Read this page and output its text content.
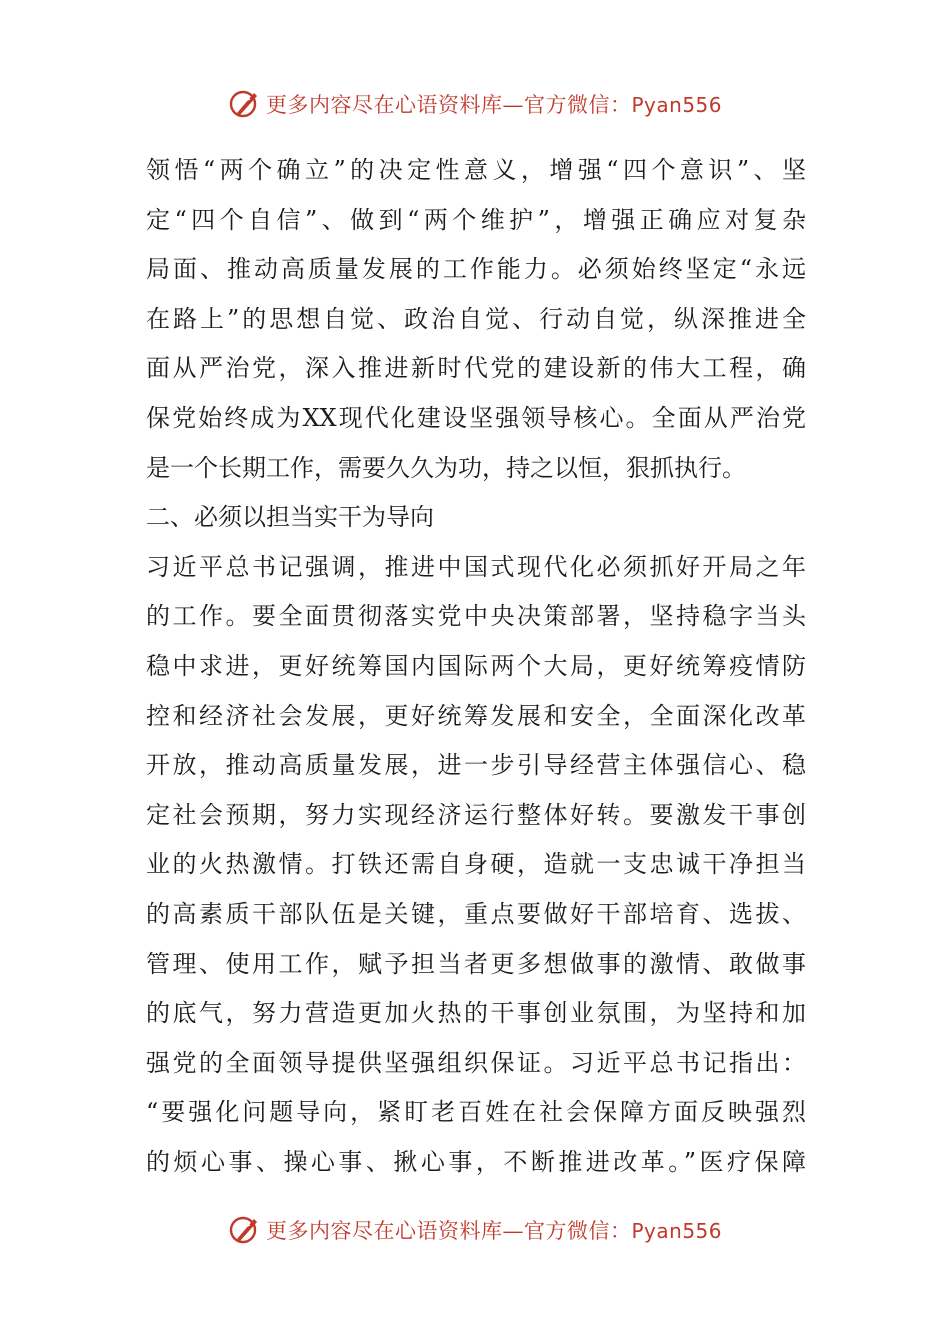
更多内容尽在心语资料库—官方微信：Pyan556
领悟“两个确立”的决定性意义，增强“四个意识”、坚
定“四个自信”、做到“两个维护”，增强正确应对复杂
局面、推动高质量发展的工作能力。必须始终坚定“永远
在路上”的思想自觉、政治自觉、行动自觉，纵深推进全
面从严治党，深入推进新时代党的建设新的伟大工程，确
保党始终成为XX现代化建设坚强领导核心。全面从严治党
是一个长期工作，需要久久为功，持之以恒，狠抓执行。
二、必须以担当实干为导向
习近平总书记强调，推进中国式现代化必须抓好开局之年
的工作。要全面贯彻落实党中央决策部署，坚持稳字当头
稳中求进，更好统筹国内国际两个大局，更好统筹疫情防
控和经济社会发展，更好统筹发展和安全，全面深化改革
开放，推动高质量发展，进一步引导经营主体强信心、稳
定社会预期，努力实现经济运行整体好转。要激发干事创
业的火热激情。打铁还需自身硬，造就一支忠诚干净担当
的高素质干部队伍是关键，重点要做好干部培育、选拔、
管理、使用工作，赋予担当者更多想做事的激情、敢做事
的底气，努力营造更加火热的干事创业氛围，为坚持和加
强党的全面领导提供坚强组织保证。习近平总书记指出：
“要强化问题导向，紧盯老百姓在社会保障方面反映强烈
的烦心事、操心事、揪心事，不断推进改革。”医疗保障
更多内容尽在心语资料库—官方微信：Pyan556
